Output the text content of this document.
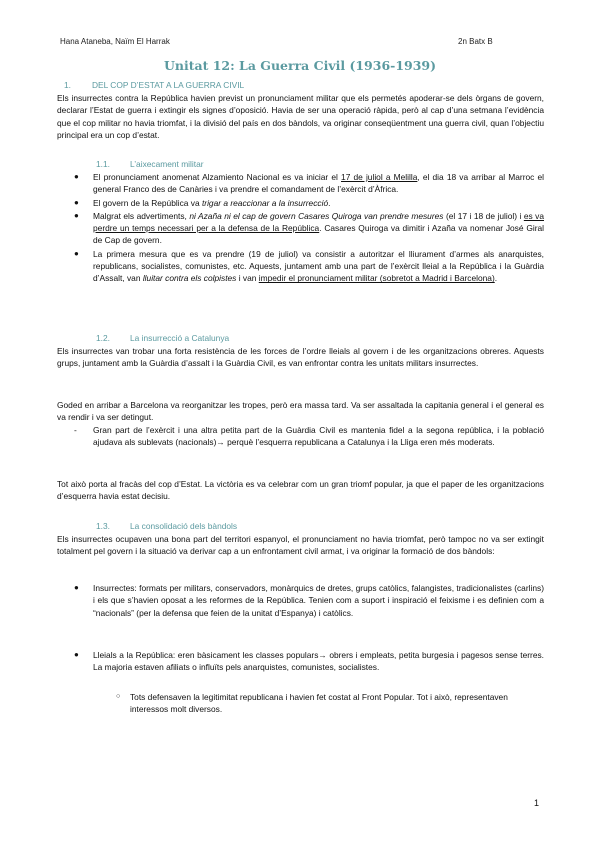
Hana Ataneba, Naïm El Harrak	2n Batx B
Unitat 12: La Guerra Civil (1936-1939)
1.	DEL COP D’ESTAT A LA GUERRA CIVIL
Els insurrectes contra la República havien previst un pronunciament militar que els permetés apoderar-se dels òrgans de govern, declarar l’Estat de guerra i extingir els signes d’oposició. Havia de ser una operació ràpida, però al cap d’una setmana l’evidència que el cop militar no havia triomfat, i la divisió del país en dos bàndols, va originar conseqüentment una guerra civil, quan l’objectiu principal era un cop d’estat.
1.1. L’aixecament militar
● El pronunciament anomenat Alzamiento Nacional es va iniciar el 17 de juliol a Melilla, el dia 18 va arribar al Marroc el general Franco des de Canàries i va prendre el comandament de l’exèrcit d’Àfrica.
● El govern de la República va trigar a reaccionar a la insurrecció.
● Malgrat els advertiments, ni Azaña ni el cap de govern Casares Quiroga van prendre mesures (el 17 i 18 de juliol) i es va perdre un temps necessari per a la defensa de la República. Casares Quiroga va dimitir i Azaña va nomenar José Giral de Cap de govern.
● La primera mesura que es va prendre (19 de juliol) va consistir a autoritzar el lliurament d’armes als anarquistes, republicans, socialistes, comunistes, etc. Aquests, juntament amb una part de l’exèrcit lleial a la República i la Guàrdia d’Assalt, van lluitar contra els colpistes i van impedir el pronunciament militar (sobretot a Madrid i Barcelona).
1.2. La insurrecció a Catalunya
Els insurrectes van trobar una forta resistència de les forces de l’ordre lleials al govern i de les organitzacions obreres. Aquests grups, juntament amb la Guàrdia d’assalt i la Guàrdia Civil, es van enfrontar contra les unitats militars insurrectes.
Goded en arribar a Barcelona va reorganitzar les tropes, però era massa tard. Va ser assaltada la capitania general i el general es va rendir i va ser detingut.
- Gran part de l’exèrcit i una altra petita part de la Guàrdia Civil es mantenia fidel a la segona república, i la població ajudava als sublevats (nacionals)→ perquè l’esquerra republicana a Catalunya i la Lliga eren més moderats.
Tot això porta al fracàs del cop d’Estat. La victòria es va celebrar com un gran triomf popular, ja que el paper de les organitzacions d’esquerra havia estat decisiu.
1.3. La consolidació dels bàndols
Els insurrectes ocupaven una bona part del territori espanyol, el pronunciament no havia triomfat, però tampoc no va ser extingit totalment pel govern i la situació va derivar cap a un enfrontament civil armat, i va originar la formació de dos bàndols:
● Insurrectes: formats per militars, conservadors, monàrquics de dretes, grups catòlics, falangistes, tradicionalistes (carlins) i els que s’havien oposat a les reformes de la República. Tenien com a suport i inspiració el feixisme i es definien com a “nacionals” (per la defensa que feien de la unitat d’Espanya) i catòlics.
● Lleials a la República: eren bàsicament les classes populars→ obrers i empleats, petita burgesia i pagesos sense terres. La majoria estaven afiliats o influïts pels anarquistes, comunistes, socialistes.
○ Tots defensaven la legitimitat republicana i havien fet costat al Front Popular. Tot i això, representaven interessos molt diversos.
1
